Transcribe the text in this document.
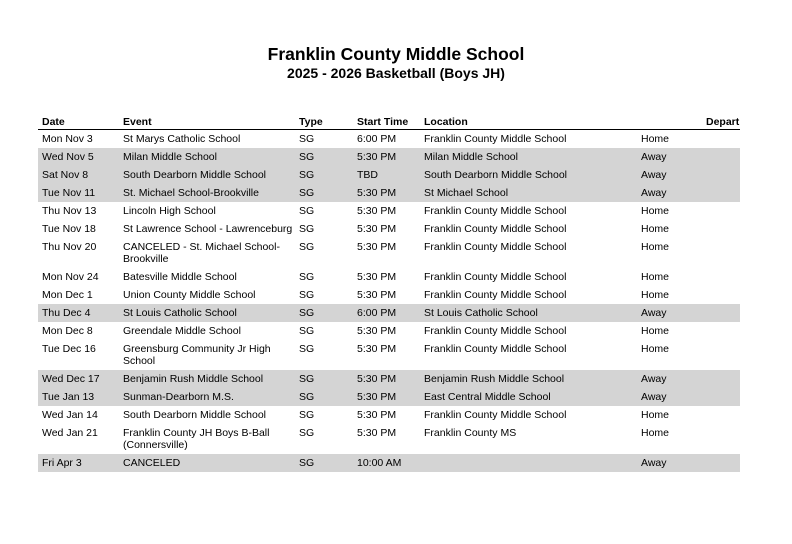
Franklin County Middle School
2025 - 2026 Basketball (Boys JH)
Date	Event	Type	Start Time	Location		Depart
Mon Nov 3	St Marys Catholic School	SG	6:00 PM	Franklin County Middle School	Home	
Wed Nov 5	Milan Middle School	SG	5:30 PM	Milan Middle School	Away	
Sat Nov 8	South Dearborn Middle School	SG	TBD	South Dearborn Middle School	Away	
Tue Nov 11	St. Michael School-Brookville	SG	5:30 PM	St Michael School	Away	
Thu Nov 13	Lincoln High School	SG	5:30 PM	Franklin County Middle School	Home	
Tue Nov 18	St Lawrence School - Lawrenceburg	SG	5:30 PM	Franklin County Middle School	Home	
Thu Nov 20	CANCELED - St. Michael School-Brookville	SG	5:30 PM	Franklin County Middle School	Home	
Mon Nov 24	Batesville Middle School	SG	5:30 PM	Franklin County Middle School	Home	
Mon Dec 1	Union County Middle School	SG	5:30 PM	Franklin County Middle School	Home	
Thu Dec 4	St Louis Catholic School	SG	6:00 PM	St Louis Catholic School	Away	
Mon Dec 8	Greendale Middle School	SG	5:30 PM	Franklin County Middle School	Home	
Tue Dec 16	Greensburg Community Jr High School	SG	5:30 PM	Franklin County Middle School	Home	
Wed Dec 17	Benjamin Rush Middle School	SG	5:30 PM	Benjamin Rush Middle School	Away	
Tue Jan 13	Sunman-Dearborn M.S.	SG	5:30 PM	East Central Middle School	Away	
Wed Jan 14	South Dearborn Middle School	SG	5:30 PM	Franklin County Middle School	Home	
Wed Jan 21	Franklin County JH Boys B-Ball (Connersville)	SG	5:30 PM	Franklin County MS	Home	
Fri Apr 3	CANCELED	SG	10:00 AM		Away	
